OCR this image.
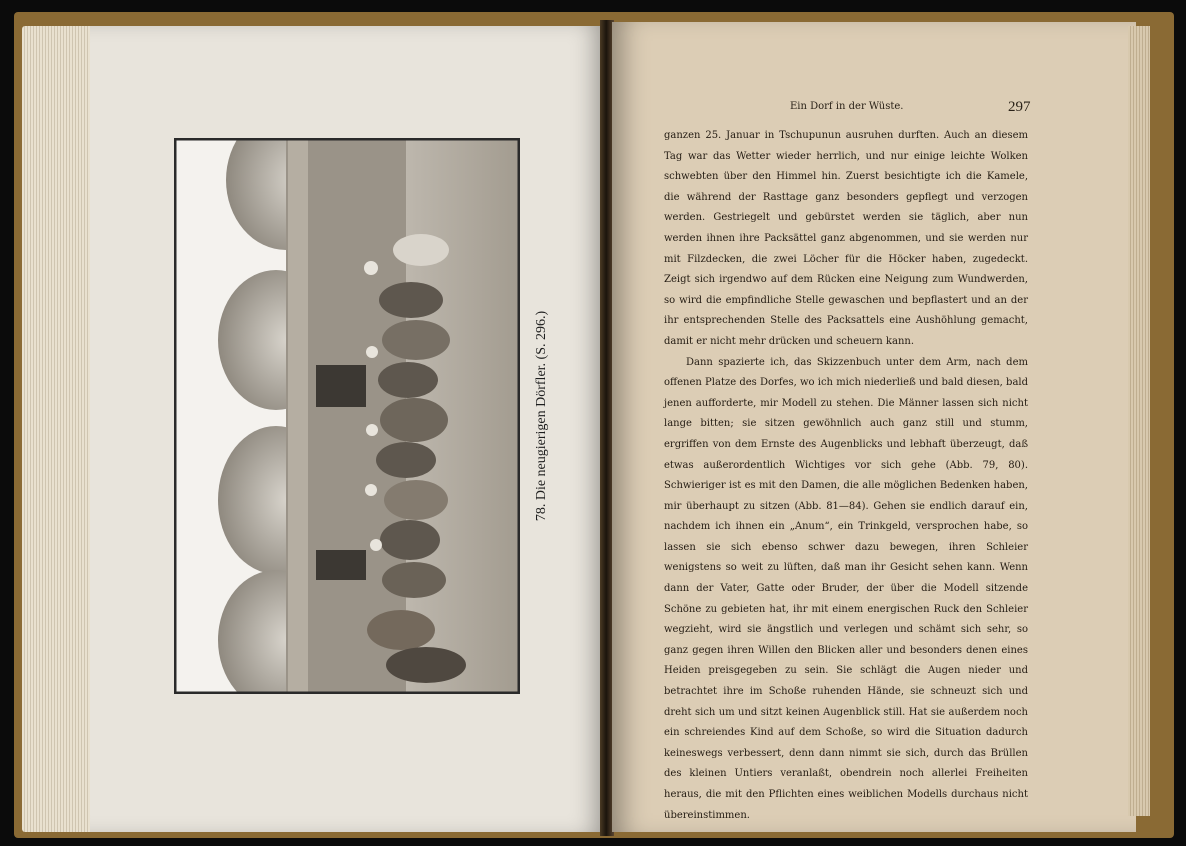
78. Die neugierigen Dörfler. (S. 296.)
Ein Dorf in der Wüste.	297

ganzen 25. Januar in Tschupunun ausruhen durften. Auch an diesem Tag war das Wetter wieder herrlich, und nur einige leichte Wolken schwebten über den Himmel hin. Zuerst besichtigte ich die Kamele, die während der Rasttage ganz besonders gepflegt und verzogen werden. Gestriegelt und gebürstet werden sie täglich, aber nun werden ihnen ihre Packsättel ganz abgenommen, und sie werden nur mit Filzdecken, die zwei Löcher für die Höcker haben, zugedeckt. Zeigt sich irgendwo auf dem Rücken eine Neigung zum Wundwerden, so wird die empfindliche Stelle gewaschen und bepflastert und an der ihr entsprechenden Stelle des Packsattels eine Aushöhlung gemacht, damit er nicht mehr drücken und scheuern kann.

Dann spazierte ich, das Skizzenbuch unter dem Arm, nach dem offenen Platze des Dorfes, wo ich mich niederließ und bald diesen, bald jenen aufforderte, mir Modell zu stehen. Die Männer lassen sich nicht lange bitten; sie sitzen gewöhnlich auch ganz still und stumm, ergriffen von dem Ernste des Augenblicks und lebhaft überzeugt, daß etwas außerordentlich Wichtiges vor sich gehe (Abb. 79, 80). Schwieriger ist es mit den Damen, die alle möglichen Bedenken haben, mir überhaupt zu sitzen (Abb. 81—84). Gehen sie endlich darauf ein, nachdem ich ihnen ein „Anum“, ein Trinkgeld, versprochen habe, so lassen sie sich ebenso schwer dazu bewegen, ihren Schleier wenigstens so weit zu lüften, daß man ihr Gesicht sehen kann. Wenn dann der Vater, Gatte oder Bruder, der über die Modell sitzende Schöne zu gebieten hat, ihr mit einem energischen Ruck den Schleier wegzieht, wird sie ängstlich und verlegen und schämt sich sehr, so ganz gegen ihren Willen den Blicken aller und besonders denen eines Heiden preisgegeben zu sein. Sie schlägt die Augen nieder und betrachtet ihre im Schoße ruhenden Hände, sie schneuzt sich und dreht sich um und sitzt keinen Augenblick still. Hat sie außerdem noch ein schreiendes Kind auf dem Schoße, so wird die Situation dadurch keineswegs verbessert, denn dann nimmt sie sich, durch das Brüllen des kleinen Untiers veranlaßt, obendrein noch allerlei Freiheiten heraus, die mit den Pflichten eines weiblichen Modells durchaus nicht übereinstimmen.
